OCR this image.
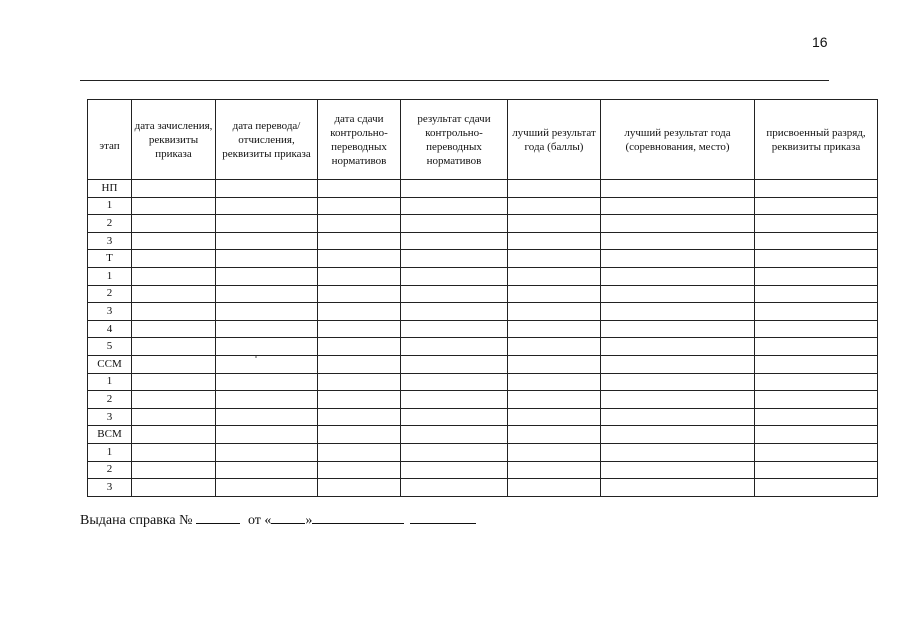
16
этап	дата зачисления, реквизиты приказа	дата перевода/ отчисления, реквизиты приказа	дата сдачи контрольно-переводных нормативов	результат сдачи контрольно-переводных нормативов	лучший результат года (баллы)	лучший результат года (соревнования, место)	присвоенный разряд, реквизиты приказа
НП							
1							
2							
3							
Т							
1							
2							
3							
4							
5							
ССМ							
1							
2							
3							
ВСМ							
1							
2							
3							
Выдана справка №	от « »
